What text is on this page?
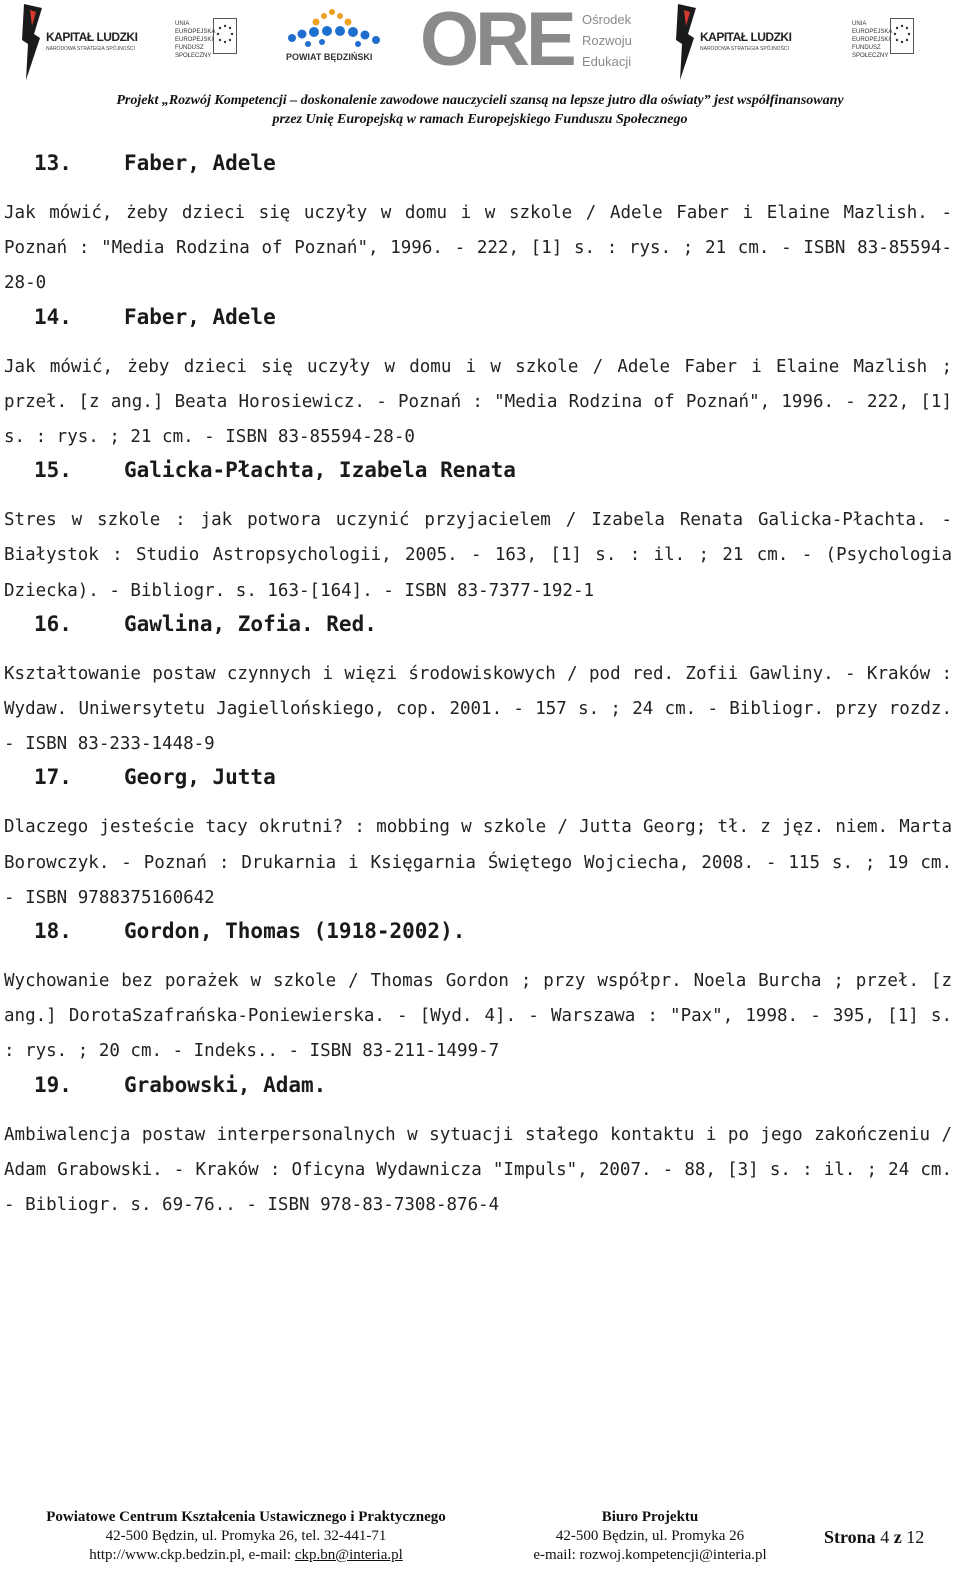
KAPITAŁ LUDZKI
NARODOWA STRATEGIA SPÓJNOŚCI
UNIA EUROPEJSKA
EUROPEJSKI
FUNDUSZ SPOŁECZNY	POWIAT BĘDZIŃSKI ORE Ośrodek
Rozwoju
Edukacji
KAPITAŁ LUDZKI
NARODOWA STRATEGIA SPÓJNOŚCI
UNIA EUROPEJSKA
EUROPEJSKI
FUNDUSZ SPOŁECZNY
Projekt „Rozwój Kompetencji – doskonalenie zawodowe nauczycieli szansą na lepsze jutro dla oświaty” jest współfinansowany
przez Unię Europejską w ramach Europejskiego Funduszu Społecznego
13. Faber, Adele
Jak mówić, żeby dzieci się uczyły w domu i w szkole / Adele Faber i Elaine Mazlish. - Poznań : "Media Rodzina of Poznań", 1996. - 222, [1] s. : rys. ; 21 cm. - ISBN 83-85594-28-0
14. Faber, Adele
Jak mówić, żeby dzieci się uczyły w domu i w szkole / Adele Faber i Elaine Mazlish ; przeł. [z ang.] Beata Horosiewicz. - Poznań : "Media Rodzina of Poznań", 1996. - 222, [1] s. : rys. ; 21 cm. - ISBN 83-85594-28-0
15. Galicka-Płachta, Izabela Renata
Stres w szkole : jak potwora uczynić przyjacielem / Izabela Renata Galicka-Płachta. - Białystok : Studio Astropsychologii, 2005. - 163, [1] s. : il. ; 21 cm. - (Psychologia Dziecka). - Bibliogr. s. 163-[164]. - ISBN 83-7377-192-1
16. Gawlina, Zofia. Red.
Kształtowanie postaw czynnych i więzi środowiskowych / pod red. Zofii Gawliny. - Kraków : Wydaw. Uniwersytetu Jagiellońskiego, cop. 2001. - 157 s. ; 24 cm. - Bibliogr. przy rozdz. - ISBN 83-233-1448-9
17. Georg, Jutta
Dlaczego jesteście tacy okrutni? : mobbing w szkole / Jutta Georg; tł. z jęz. niem. Marta Borowczyk. - Poznań : Drukarnia i Księgarnia Świętego Wojciecha, 2008. - 115 s. ; 19 cm. - ISBN 9788375160642
18. Gordon, Thomas (1918-2002).
Wychowanie bez porażek w szkole / Thomas Gordon ; przy współpr. Noela Burcha ; przeł. [z ang.] DorotaSzafrańska-Poniewierska. - [Wyd. 4]. - Warszawa : "Pax", 1998. - 395, [1] s. : rys. ; 20 cm. - Indeks.. - ISBN 83-211-1499-7
19. Grabowski, Adam.
Ambiwalencja postaw interpersonalnych w sytuacji stałego kontaktu i po jego zakończeniu / Adam Grabowski. - Kraków : Oficyna Wydawnicza "Impuls", 2007. - 88, [3] s. : il. ; 24 cm. - Bibliogr. s. 69-76.. - ISBN 978-83-7308-876-4
Powiatowe Centrum Kształcenia Ustawicznego i Praktycznego
42-500 Będzin, ul. Promyka 26, tel. 32-441-71
http://www.ckp.bedzin.pl, e-mail: ckp.bn@interia.pl
Biuro Projektu
42-500 Będzin, ul. Promyka 26
e-mail: rozwoj.kompetencji@interia.pl
Strona 4 z 12
